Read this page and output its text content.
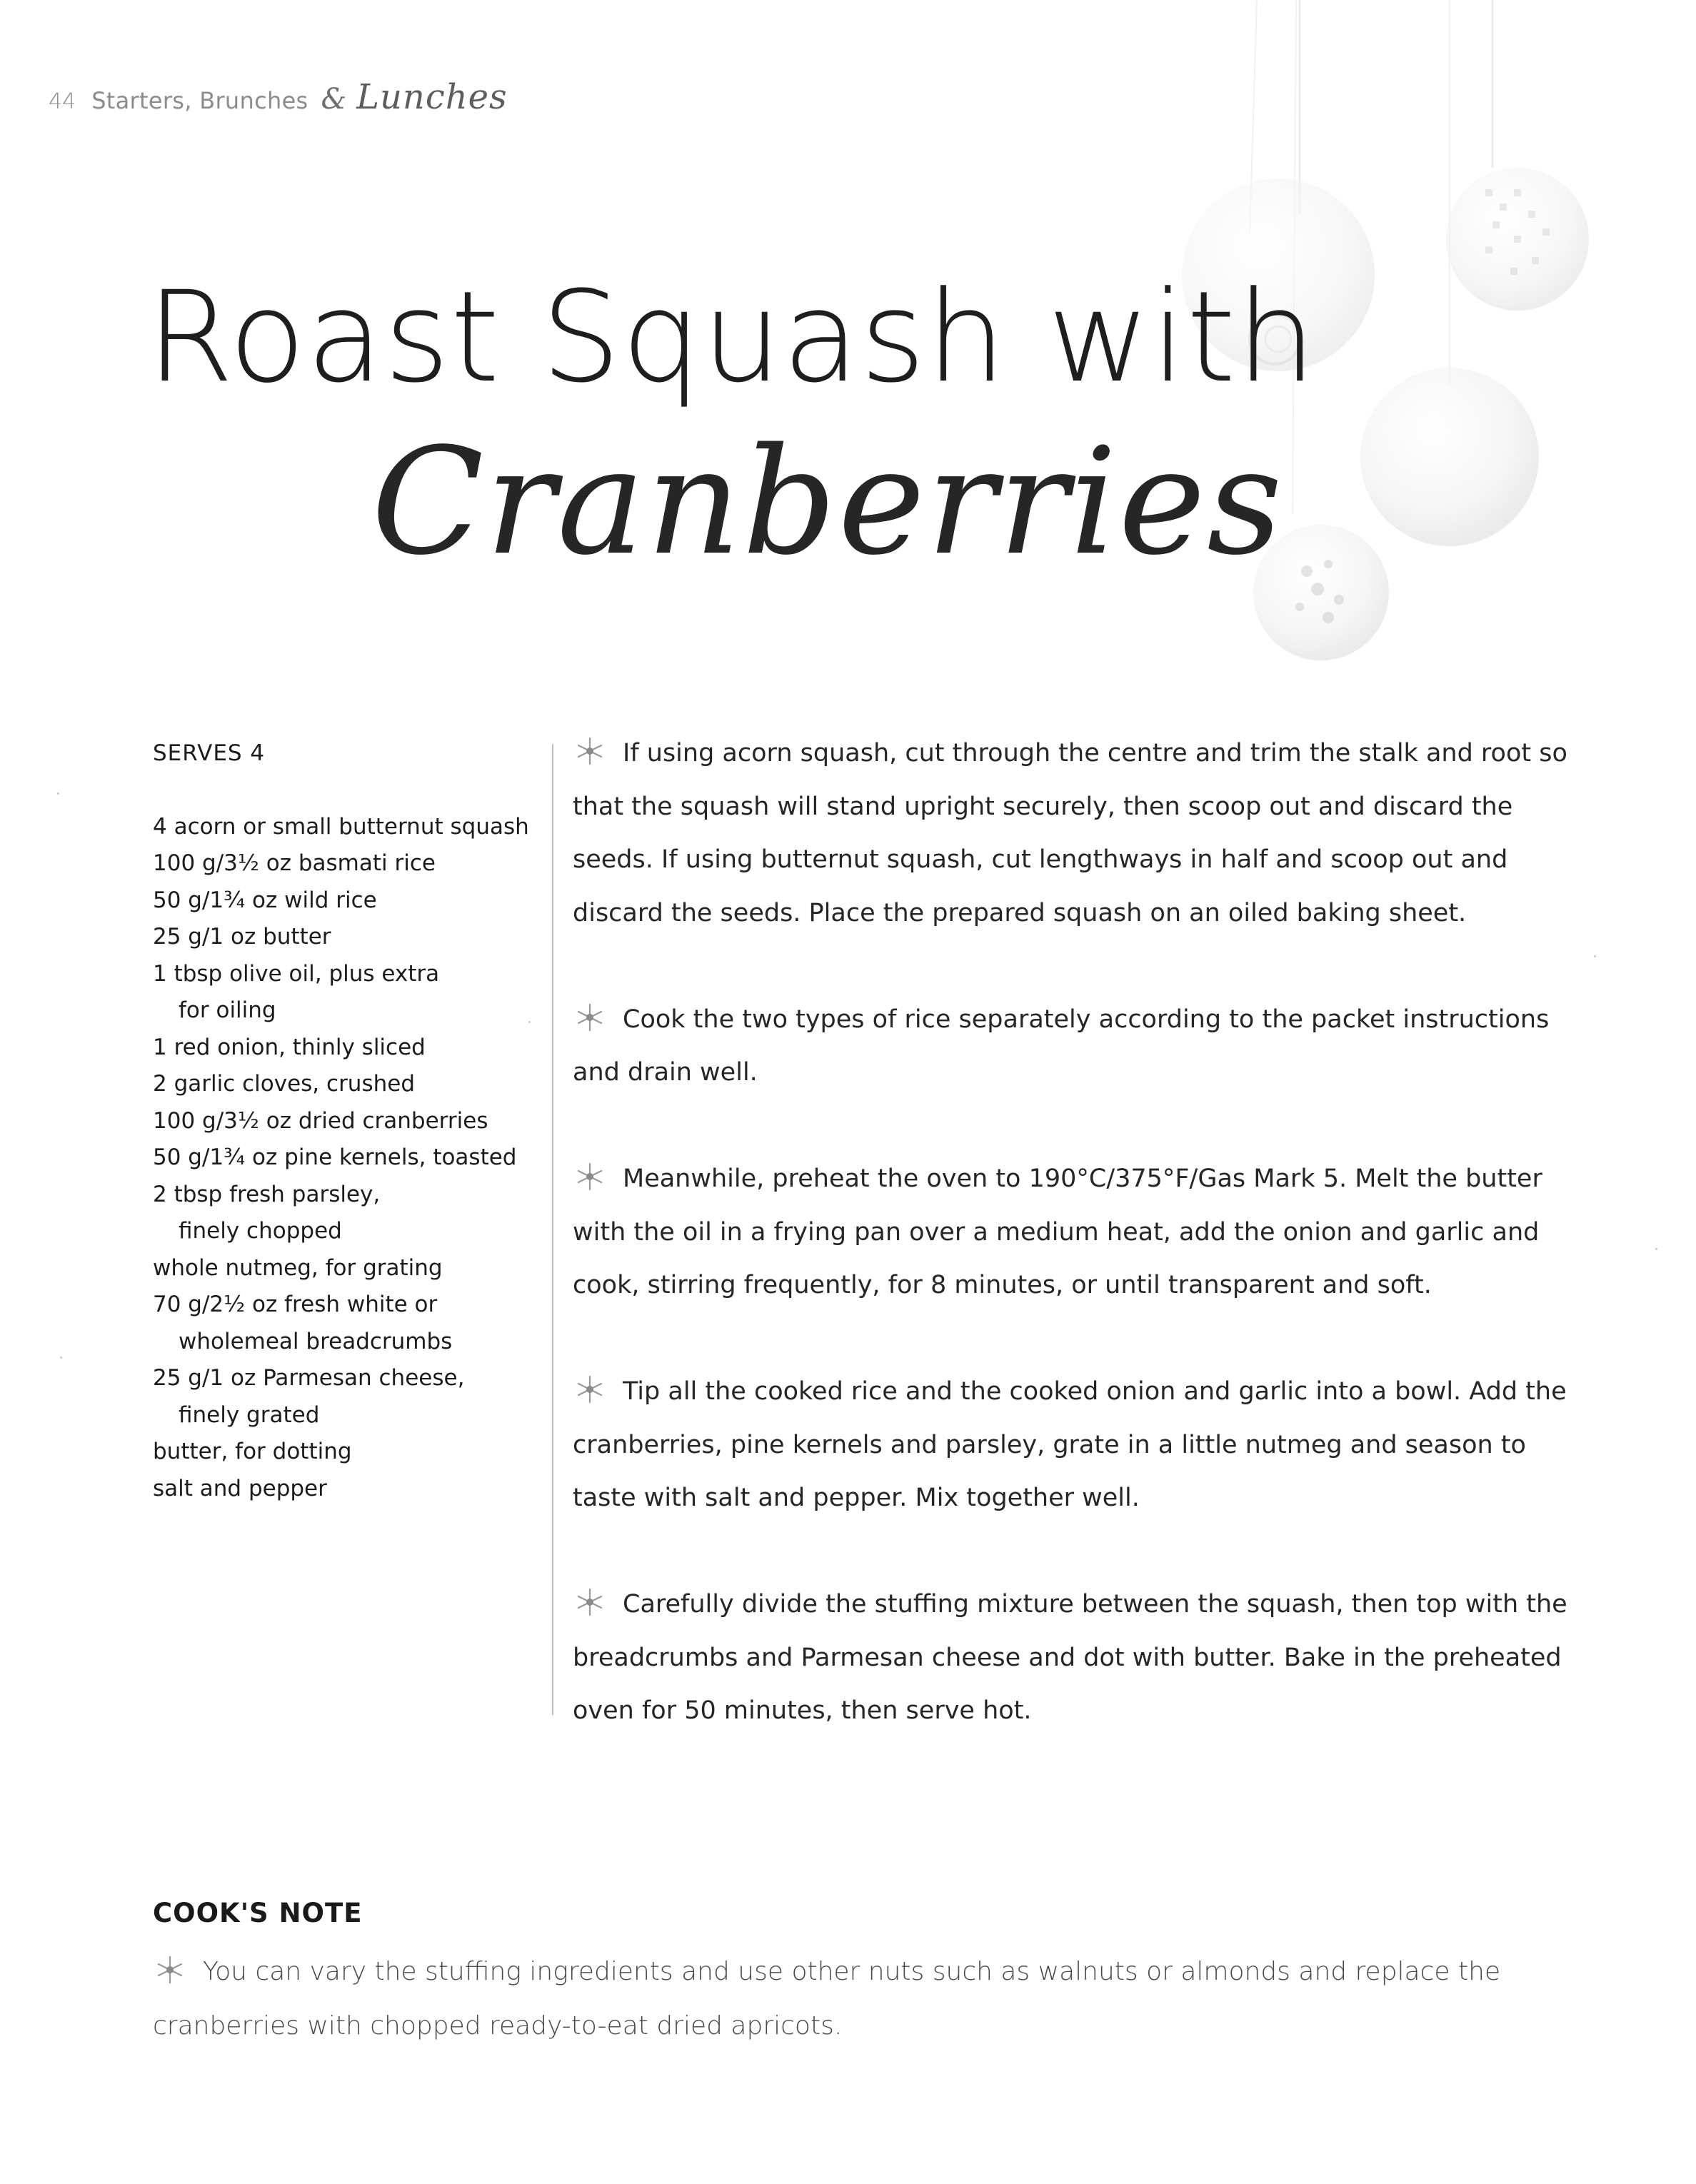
44 Starters, Brunches & Lunches
Roast Squash with
Cranberries
SERVES 4
4 acorn or small butternut squash
100 g/3½ oz basmati rice
50 g/1¾ oz wild rice
25 g/1 oz butter
1 tbsp olive oil, plus extra
for oiling
1 red onion, thinly sliced
2 garlic cloves, crushed
100 g/3½ oz dried cranberries
50 g/1¾ oz pine kernels, toasted
2 tbsp fresh parsley,
finely chopped
whole nutmeg, for grating
70 g/2½ oz fresh white or
wholemeal breadcrumbs
25 g/1 oz Parmesan cheese,
finely grated
butter, for dotting
salt and pepper

If using acorn squash, cut through the centre and trim the stalk and root so that the squash will stand upright securely, then scoop out and discard the seeds. If using butternut squash, cut lengthways in half and scoop out and discard the seeds. Place the prepared squash on an oiled baking sheet.

Cook the two types of rice separately according to the packet instructions and drain well.

Meanwhile, preheat the oven to 190°C/375°F/Gas Mark 5. Melt the butter with the oil in a frying pan over a medium heat, add the onion and garlic and cook, stirring frequently, for 8 minutes, or until transparent and soft.

Tip all the cooked rice and the cooked onion and garlic into a bowl. Add the cranberries, pine kernels and parsley, grate in a little nutmeg and season to taste with salt and pepper. Mix together well.

Carefully divide the stuffing mixture between the squash, then top with the breadcrumbs and Parmesan cheese and dot with butter. Bake in the preheated oven for 50 minutes, then serve hot.

COOK'S NOTE
You can vary the stuffing ingredients and use other nuts such as walnuts or almonds and replace the cranberries with chopped ready-to-eat dried apricots.
